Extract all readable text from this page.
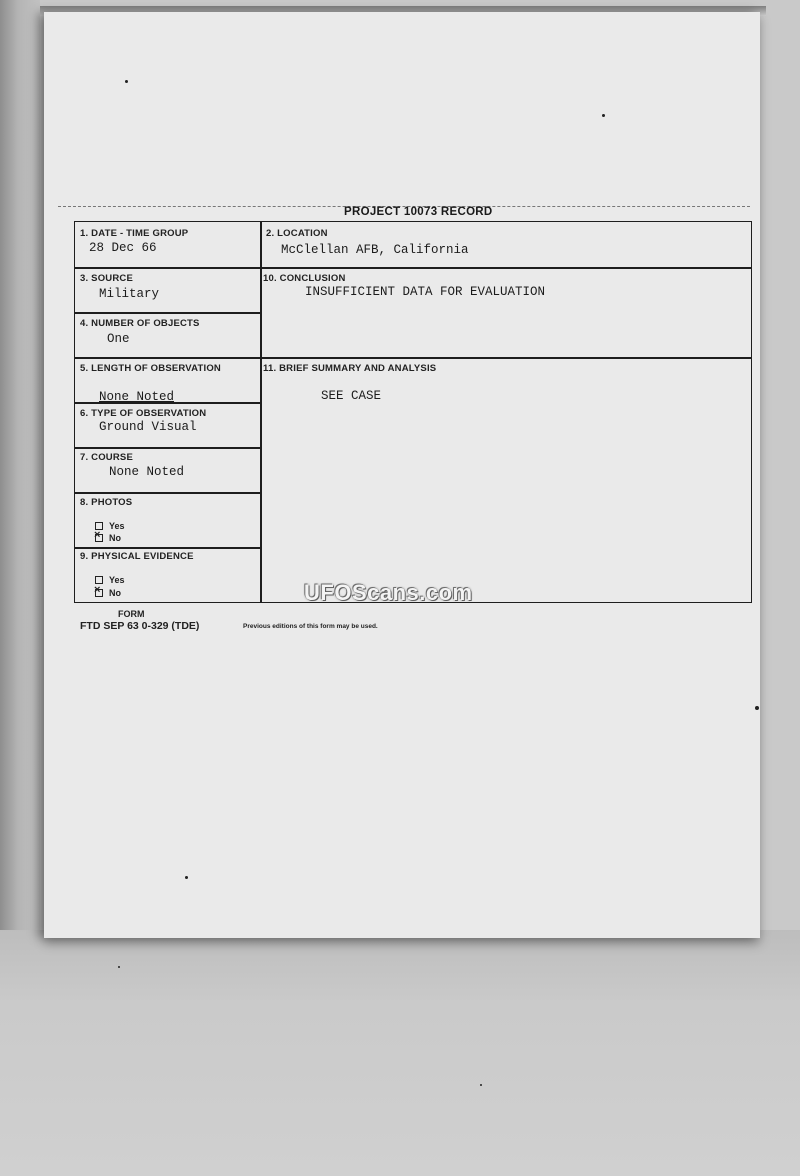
PROJECT 10073 RECORD
1. DATE - TIME GROUP
28 Dec 66
2. LOCATION
McClellan AFB, California
3. SOURCE
Military
10. CONCLUSION
INSUFFICIENT DATA FOR EVALUATION
4. NUMBER OF OBJECTS
One
5. LENGTH OF OBSERVATION
None Noted
11. BRIEF SUMMARY AND ANALYSIS
SEE CASE
6. TYPE OF OBSERVATION
Ground Visual
7. COURSE
None Noted
8. PHOTOS
Yes
×No
9. PHYSICAL EVIDENCE
Yes
×No
FORM
FTD SEP 63 0-329 (TDE)	Previous editions of this form may be used.
UFOScans.com
